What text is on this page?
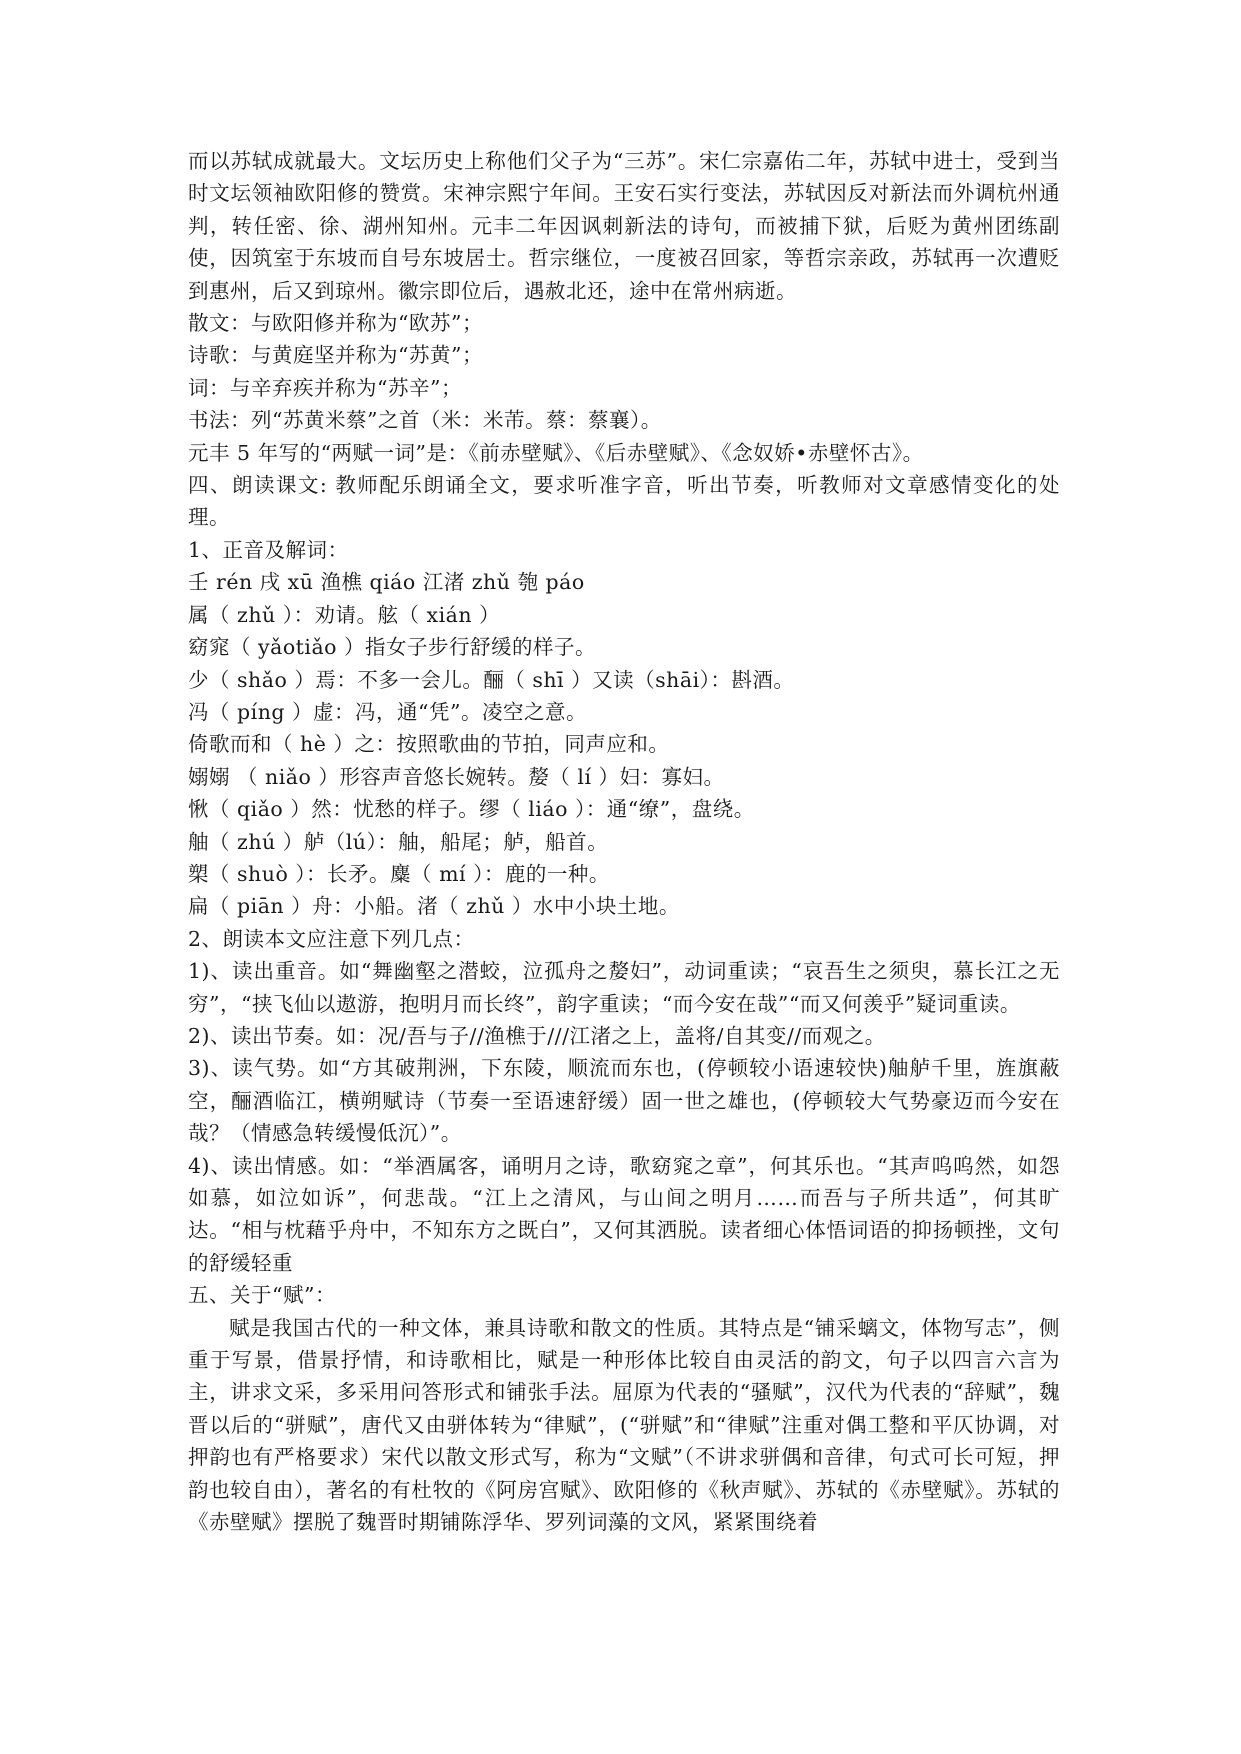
而以苏轼成就最大。文坛历史上称他们父子为“三苏”。宋仁宗嘉佑二年，苏轼中进士，受到当时文坛领袖欧阳修的赞赏。宋神宗熙宁年间。王安石实行变法，苏轼因反对新法而外调杭州通判，转任密、徐、湖州知州。元丰二年因讽刺新法的诗句，而被捕下狱，后贬为黄州团练副使，因筑室于东坡而自号东坡居士。哲宗继位，一度被召回家，等哲宗亲政，苏轼再一次遭贬到惠州，后又到琼州。徽宗即位后，遇赦北还，途中在常州病逝。

散文：与欧阳修并称为“欧苏”；

诗歌：与黄庭坚并称为“苏黄”；

词：与辛弃疾并称为“苏辛”；

书法：列“苏黄米蔡”之首（米：米芾。蔡：蔡襄）。

元丰 5 年写的“两赋一词”是：《前赤壁赋》、《后赤壁赋》、《念奴娇•赤壁怀古》。

四、朗读课文: 教师配乐朗诵全文，要求听准字音，听出节奏，听教师对文章感情变化的处理。

1、正音及解词：

壬 rén 戌 xū 渔樵 qiáo 江渚 zhǔ 匏 páo

属（ zhǔ ）：劝请。舷（ xián ）

窈窕（ yǎotiǎo ）指女子步行舒缓的样子。

少（ shǎo ）焉：不多一会儿。酾（ shī ）又读（shāi）：斟酒。

冯（ píng ）虚：冯，通“凭”。凌空之意。

倚歌而和（ hè ）之：按照歌曲的节拍，同声应和。

嫋嫋 （ niǎo ）形容声音悠长婉转。嫠（ lí ）妇：寡妇。

愀（ qiǎo ）然：忧愁的样子。缪（ liáo ）：通“缭”，盘绕。

舳（ zhú ）舻（lú）：舳，船尾；舻，船首。

槊（ shuò ）：长矛。麋（ mí ）：鹿的一种。

扁（ piān ）舟：小船。渚（ zhǔ ）水中小块土地。

2、朗读本文应注意下列几点：

1)、读出重音。如“舞幽壑之潜蛟，泣孤舟之嫠妇”，动词重读；“哀吾生之须臾，慕长江之无穷”，“挟飞仙以遨游，抱明月而长终”，韵字重读；“而今安在哉”“而又何羡乎”疑词重读。

2)、读出节奏。如：况/吾与子//渔樵于///江渚之上，盖将/自其变//而观之。

3)、读气势。如“方其破荆洲，下东陵，顺流而东也，(停顿较小语速较快)舳舻千里，旌旗蔽空，酾酒临江，横朔赋诗（节奏一至语速舒缓）固一世之雄也，(停顿较大气势豪迈而今安在哉？（情感急转缓慢低沉）”。

4)、读出情感。如：“举酒属客，诵明月之诗，歌窈窕之章”，何其乐也。“其声呜呜然，如怨如慕，如泣如诉”，何悲哉。“江上之清风，与山间之明月……而吾与子所共适”，何其旷达。“相与枕藉乎舟中，不知东方之既白”，又何其洒脱。读者细心体悟词语的抑扬顿挫，文句的舒缓轻重

五、关于“赋”：

赋是我国古代的一种文体，兼具诗歌和散文的性质。其特点是“铺采螭文，体物写志”，侧重于写景，借景抒情，和诗歌相比，赋是一种形体比较自由灵活的韵文，句子以四言六言为主，讲求文采，多采用问答形式和铺张手法。屈原为代表的“骚赋”，汉代为代表的“辞赋”，魏晋以后的“骈赋”，唐代又由骈体转为“律赋”，(“骈赋”和“律赋”注重对偶工整和平仄协调，对押韵也有严格要求）宋代以散文形式写，称为“文赋”（不讲求骈偶和音律，句式可长可短，押韵也较自由），著名的有杜牧的《阿房宫赋》、欧阳修的《秋声赋》、苏轼的《赤壁赋》。苏轼的《赤壁赋》摆脱了魏晋时期铺陈浮华、罗列词藻的文风，紧紧围绕着
